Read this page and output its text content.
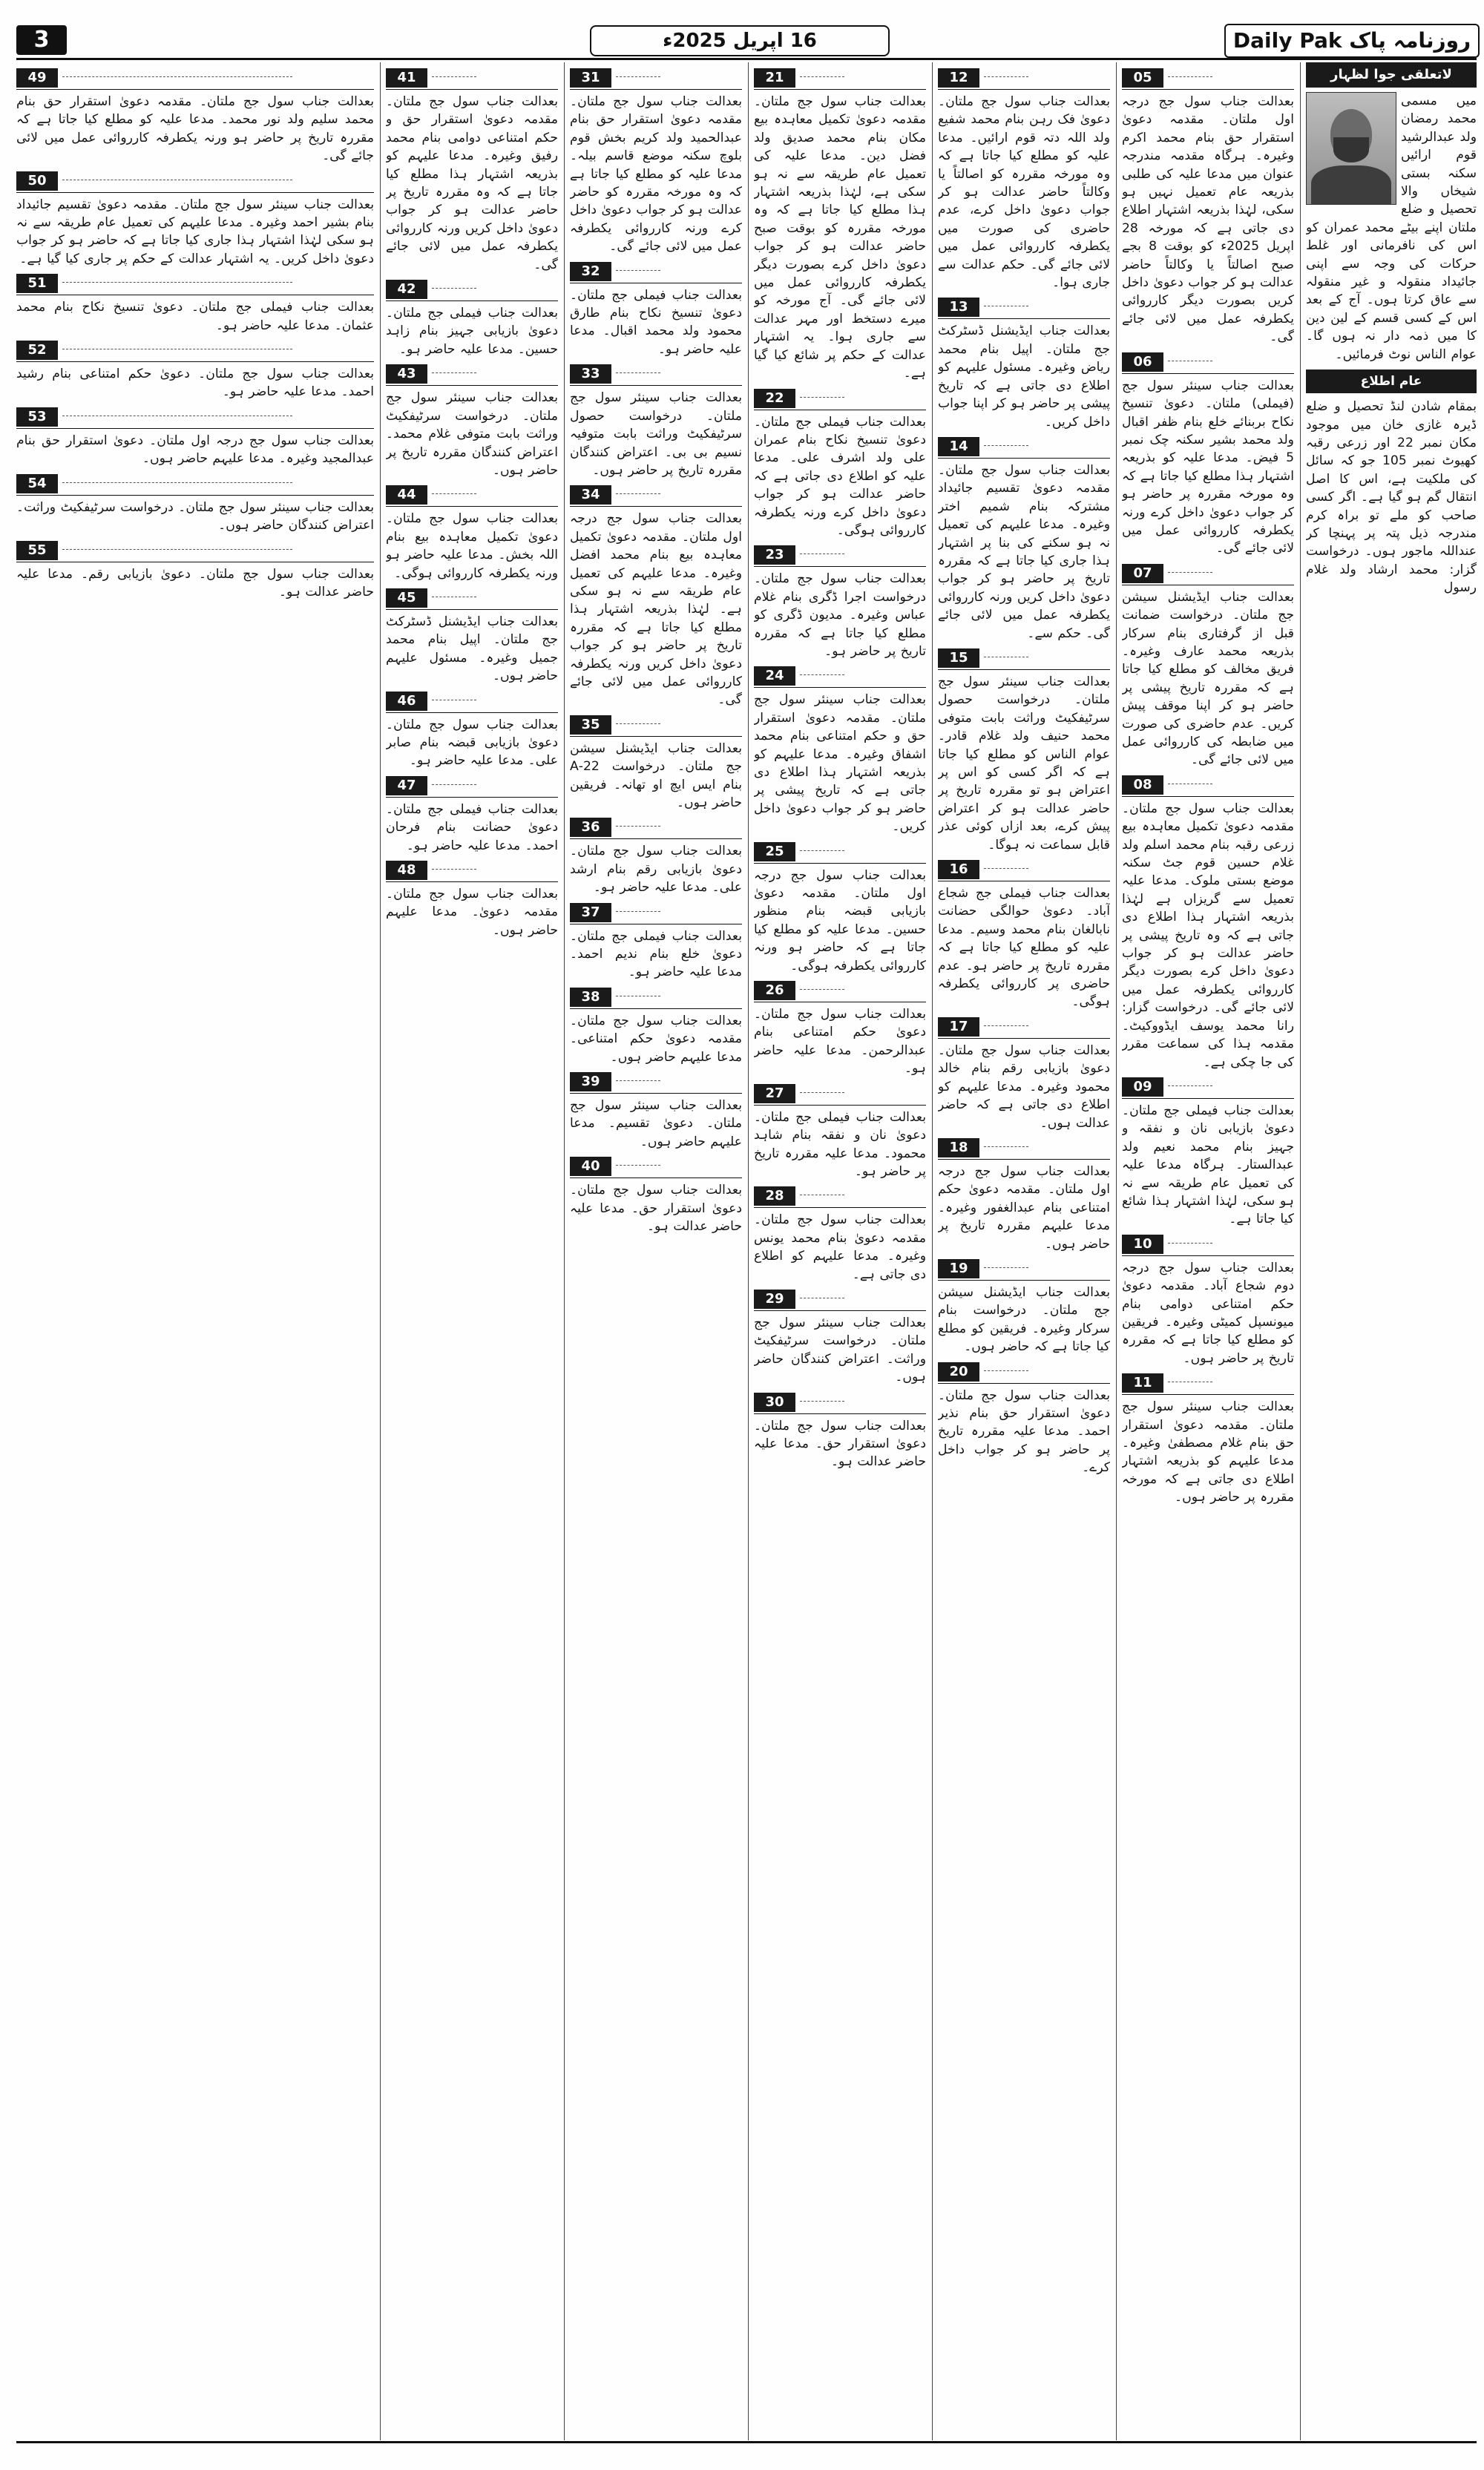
3	16 اپریل 2025ء	روزنامہ پاک Daily Pak
لاتعلقی جوا لظہار
میں مسمی محمد رمضان ولد عبدالرشید قوم ارائیں سکنہ بستی شیخاں والا تحصیل و ضلع ملتان اپنے بیٹے محمد عمران کو اس کی نافرمانی اور غلط حرکات کی وجہ سے اپنی جائیداد منقولہ و غیر منقولہ سے عاق کرتا ہوں۔ آج کے بعد اس کے کسی قسم کے لین دین کا میں ذمہ دار نہ ہوں گا۔ عوام الناس نوٹ فرمائیں۔
عام اطلاع
بمقام شادن لنڈ تحصیل و ضلع ڈیرہ غازی خان میں موجود مکان نمبر 22 اور زرعی رقبہ کھیوٹ نمبر 105 جو کہ سائل کی ملکیت ہے، اس کا اصل انتقال گم ہو گیا ہے۔ اگر کسی صاحب کو ملے تو براہ کرم مندرجہ ذیل پتہ پر پہنچا کر عنداللہ ماجور ہوں۔ درخواست گزار: محمد ارشاد ولد غلام رسول
05
بعدالت جناب سول جج درجہ اول ملتان۔ مقدمہ دعویٰ استقرار حق بنام محمد اکرم وغیرہ۔ ہرگاہ مقدمہ مندرجہ عنوان میں مدعا علیہ کی طلبی بذریعہ عام تعمیل نہیں ہو سکی، لہٰذا بذریعہ اشتہار اطلاع دی جاتی ہے کہ مورخہ 28 اپریل 2025ء کو بوقت 8 بجے صبح اصالتاً یا وکالتاً حاضر عدالت ہو کر جواب دعویٰ داخل کریں بصورت دیگر کارروائی یکطرفہ عمل میں لائی جائے گی۔
06
بعدالت جناب سینئر سول جج (فیملی) ملتان۔ دعویٰ تنسیخ نکاح بربنائے خلع بنام ظفر اقبال ولد محمد بشیر سکنہ چک نمبر 5 فیض۔ مدعا علیہ کو بذریعہ اشتہار ہذا مطلع کیا جاتا ہے کہ وہ مورخہ مقررہ پر حاضر ہو کر جواب دعویٰ داخل کرے ورنہ یکطرفہ کارروائی عمل میں لائی جائے گی۔
07
بعدالت جناب ایڈیشنل سیشن جج ملتان۔ درخواست ضمانت قبل از گرفتاری بنام سرکار بذریعہ محمد عارف وغیرہ۔ فریق مخالف کو مطلع کیا جاتا ہے کہ مقررہ تاریخ پیشی پر حاضر ہو کر اپنا موقف پیش کریں۔ عدم حاضری کی صورت میں ضابطہ کی کارروائی عمل میں لائی جائے گی۔
08
بعدالت جناب سول جج ملتان۔ مقدمہ دعویٰ تکمیل معاہدہ بیع زرعی رقبہ بنام محمد اسلم ولد غلام حسین قوم جٹ سکنہ موضع بستی ملوک۔ مدعا علیہ تعمیل سے گریزاں ہے لہٰذا بذریعہ اشتہار ہذا اطلاع دی جاتی ہے کہ وہ تاریخ پیشی پر حاضر عدالت ہو کر جواب دعویٰ داخل کرے بصورت دیگر کارروائی یکطرفہ عمل میں لائی جائے گی۔ درخواست گزار: رانا محمد یوسف ایڈووکیٹ۔ مقدمہ ہذا کی سماعت مقرر کی جا چکی ہے۔
09
بعدالت جناب فیملی جج ملتان۔ دعویٰ بازیابی نان و نفقہ و جہیز بنام محمد نعیم ولد عبدالستار۔ ہرگاہ مدعا علیہ کی تعمیل عام طریقہ سے نہ ہو سکی، لہٰذا اشتہار ہذا شائع کیا جاتا ہے۔
10
بعدالت جناب سول جج درجہ دوم شجاع آباد۔ مقدمہ دعویٰ حکم امتناعی دوامی بنام میونسپل کمیٹی وغیرہ۔ فریقین کو مطلع کیا جاتا ہے کہ مقررہ تاریخ پر حاضر ہوں۔
11
بعدالت جناب سینئر سول جج ملتان۔ مقدمہ دعویٰ استقرار حق بنام غلام مصطفیٰ وغیرہ۔ مدعا علیہم کو بذریعہ اشتہار اطلاع دی جاتی ہے کہ مورخہ مقررہ پر حاضر ہوں۔
12
بعدالت جناب سول جج ملتان۔ دعویٰ فک رہن بنام محمد شفیع ولد اللہ دتہ قوم ارائیں۔ مدعا علیہ کو مطلع کیا جاتا ہے کہ وہ مورخہ مقررہ کو اصالتاً یا وکالتاً حاضر عدالت ہو کر جواب دعویٰ داخل کرے، عدم حاضری کی صورت میں یکطرفہ کارروائی عمل میں لائی جائے گی۔ حکم عدالت سے جاری ہوا۔
13
بعدالت جناب ایڈیشنل ڈسٹرکٹ جج ملتان۔ اپیل بنام محمد ریاض وغیرہ۔ مسئول علیہم کو اطلاع دی جاتی ہے کہ تاریخ پیشی پر حاضر ہو کر اپنا جواب داخل کریں۔
14
بعدالت جناب سول جج ملتان۔ مقدمہ دعویٰ تقسیم جائیداد مشترکہ بنام شمیم اختر وغیرہ۔ مدعا علیہم کی تعمیل نہ ہو سکنے کی بنا پر اشتہار ہذا جاری کیا جاتا ہے کہ مقررہ تاریخ پر حاضر ہو کر جواب دعویٰ داخل کریں ورنہ کارروائی یکطرفہ عمل میں لائی جائے گی۔ حکم سے۔
15
بعدالت جناب سینئر سول جج ملتان۔ درخواست حصول سرٹیفکیٹ وراثت بابت متوفی محمد حنیف ولد غلام قادر۔ عوام الناس کو مطلع کیا جاتا ہے کہ اگر کسی کو اس پر اعتراض ہو تو مقررہ تاریخ پر حاضر عدالت ہو کر اعتراض پیش کرے، بعد ازاں کوئی عذر قابل سماعت نہ ہوگا۔
16
بعدالت جناب فیملی جج شجاع آباد۔ دعویٰ حوالگی حضانت نابالغان بنام محمد وسیم۔ مدعا علیہ کو مطلع کیا جاتا ہے کہ مقررہ تاریخ پر حاضر ہو۔ عدم حاضری پر کارروائی یکطرفہ ہوگی۔
17
بعدالت جناب سول جج ملتان۔ دعویٰ بازیابی رقم بنام خالد محمود وغیرہ۔ مدعا علیہم کو اطلاع دی جاتی ہے کہ حاضر عدالت ہوں۔
18
بعدالت جناب سول جج درجہ اول ملتان۔ مقدمہ دعویٰ حکم امتناعی بنام عبدالغفور وغیرہ۔ مدعا علیہم مقررہ تاریخ پر حاضر ہوں۔
19
بعدالت جناب ایڈیشنل سیشن جج ملتان۔ درخواست بنام سرکار وغیرہ۔ فریقین کو مطلع کیا جاتا ہے کہ حاضر ہوں۔
20
بعدالت جناب سول جج ملتان۔ دعویٰ استقرار حق بنام نذیر احمد۔ مدعا علیہ مقررہ تاریخ پر حاضر ہو کر جواب داخل کرے۔
21
بعدالت جناب سول جج ملتان۔ مقدمہ دعویٰ تکمیل معاہدہ بیع مکان بنام محمد صدیق ولد فضل دین۔ مدعا علیہ کی تعمیل عام طریقہ سے نہ ہو سکی ہے، لہٰذا بذریعہ اشتہار ہذا مطلع کیا جاتا ہے کہ وہ مورخہ مقررہ کو بوقت صبح حاضر عدالت ہو کر جواب دعویٰ داخل کرے بصورت دیگر یکطرفہ کارروائی عمل میں لائی جائے گی۔ آج مورخہ کو میرے دستخط اور مہر عدالت سے جاری ہوا۔ یہ اشتہار عدالت کے حکم پر شائع کیا گیا ہے۔
22
بعدالت جناب فیملی جج ملتان۔ دعویٰ تنسیخ نکاح بنام عمران علی ولد اشرف علی۔ مدعا علیہ کو اطلاع دی جاتی ہے کہ حاضر عدالت ہو کر جواب دعویٰ داخل کرے ورنہ یکطرفہ کارروائی ہوگی۔
23
بعدالت جناب سول جج ملتان۔ درخواست اجرا ڈگری بنام غلام عباس وغیرہ۔ مدیون ڈگری کو مطلع کیا جاتا ہے کہ مقررہ تاریخ پر حاضر ہو۔
24
بعدالت جناب سینئر سول جج ملتان۔ مقدمہ دعویٰ استقرار حق و حکم امتناعی بنام محمد اشفاق وغیرہ۔ مدعا علیہم کو بذریعہ اشتہار ہذا اطلاع دی جاتی ہے کہ تاریخ پیشی پر حاضر ہو کر جواب دعویٰ داخل کریں۔
25
بعدالت جناب سول جج درجہ اول ملتان۔ مقدمہ دعویٰ بازیابی قبضہ بنام منظور حسین۔ مدعا علیہ کو مطلع کیا جاتا ہے کہ حاضر ہو ورنہ کارروائی یکطرفہ ہوگی۔
26
بعدالت جناب سول جج ملتان۔ دعویٰ حکم امتناعی بنام عبدالرحمن۔ مدعا علیہ حاضر ہو۔
27
بعدالت جناب فیملی جج ملتان۔ دعویٰ نان و نفقہ بنام شاہد محمود۔ مدعا علیہ مقررہ تاریخ پر حاضر ہو۔
28
بعدالت جناب سول جج ملتان۔ مقدمہ دعویٰ بنام محمد یونس وغیرہ۔ مدعا علیہم کو اطلاع دی جاتی ہے۔
29
بعدالت جناب سینئر سول جج ملتان۔ درخواست سرٹیفکیٹ وراثت۔ اعتراض کنندگان حاضر ہوں۔
30
بعدالت جناب سول جج ملتان۔ دعویٰ استقرار حق۔ مدعا علیہ حاضر عدالت ہو۔
31
بعدالت جناب سول جج ملتان۔ مقدمہ دعویٰ استقرار حق بنام عبدالحمید ولد کریم بخش قوم بلوچ سکنہ موضع قاسم بیلہ۔ مدعا علیہ کو مطلع کیا جاتا ہے کہ وہ مورخہ مقررہ کو حاضر عدالت ہو کر جواب دعویٰ داخل کرے ورنہ کارروائی یکطرفہ عمل میں لائی جائے گی۔
32
بعدالت جناب فیملی جج ملتان۔ دعویٰ تنسیخ نکاح بنام طارق محمود ولد محمد اقبال۔ مدعا علیہ حاضر ہو۔
33
بعدالت جناب سینئر سول جج ملتان۔ درخواست حصول سرٹیفکیٹ وراثت بابت متوفیہ نسیم بی بی۔ اعتراض کنندگان مقررہ تاریخ پر حاضر ہوں۔
34
بعدالت جناب سول جج درجہ اول ملتان۔ مقدمہ دعویٰ تکمیل معاہدہ بیع بنام محمد افضل وغیرہ۔ مدعا علیہم کی تعمیل عام طریقہ سے نہ ہو سکی ہے۔ لہٰذا بذریعہ اشتہار ہذا مطلع کیا جاتا ہے کہ مقررہ تاریخ پر حاضر ہو کر جواب دعویٰ داخل کریں ورنہ یکطرفہ کارروائی عمل میں لائی جائے گی۔
35
بعدالت جناب ایڈیشنل سیشن جج ملتان۔ درخواست 22-A بنام ایس ایچ او تھانہ۔ فریقین حاضر ہوں۔
36
بعدالت جناب سول جج ملتان۔ دعویٰ بازیابی رقم بنام ارشد علی۔ مدعا علیہ حاضر ہو۔
37
بعدالت جناب فیملی جج ملتان۔ دعویٰ خلع بنام ندیم احمد۔ مدعا علیہ حاضر ہو۔
38
بعدالت جناب سول جج ملتان۔ مقدمہ دعویٰ حکم امتناعی۔ مدعا علیہم حاضر ہوں۔
39
بعدالت جناب سینئر سول جج ملتان۔ دعویٰ تقسیم۔ مدعا علیہم حاضر ہوں۔
40
بعدالت جناب سول جج ملتان۔ دعویٰ استقرار حق۔ مدعا علیہ حاضر عدالت ہو۔
41
بعدالت جناب سول جج ملتان۔ مقدمہ دعویٰ استقرار حق و حکم امتناعی دوامی بنام محمد رفیق وغیرہ۔ مدعا علیہم کو بذریعہ اشتہار ہذا مطلع کیا جاتا ہے کہ وہ مقررہ تاریخ پر حاضر عدالت ہو کر جواب دعویٰ داخل کریں ورنہ کارروائی یکطرفہ عمل میں لائی جائے گی۔
42
بعدالت جناب فیملی جج ملتان۔ دعویٰ بازیابی جہیز بنام زاہد حسین۔ مدعا علیہ حاضر ہو۔
43
بعدالت جناب سینئر سول جج ملتان۔ درخواست سرٹیفکیٹ وراثت بابت متوفی غلام محمد۔ اعتراض کنندگان مقررہ تاریخ پر حاضر ہوں۔
44
بعدالت جناب سول جج ملتان۔ دعویٰ تکمیل معاہدہ بیع بنام اللہ بخش۔ مدعا علیہ حاضر ہو ورنہ یکطرفہ کارروائی ہوگی۔
45
بعدالت جناب ایڈیشنل ڈسٹرکٹ جج ملتان۔ اپیل بنام محمد جمیل وغیرہ۔ مسئول علیہم حاضر ہوں۔
46
بعدالت جناب سول جج ملتان۔ دعویٰ بازیابی قبضہ بنام صابر علی۔ مدعا علیہ حاضر ہو۔
47
بعدالت جناب فیملی جج ملتان۔ دعویٰ حضانت بنام فرحان احمد۔ مدعا علیہ حاضر ہو۔
48
بعدالت جناب سول جج ملتان۔ مقدمہ دعویٰ۔ مدعا علیہم حاضر ہوں۔
49
بعدالت جناب سول جج ملتان۔ مقدمہ دعویٰ استقرار حق بنام محمد سلیم ولد نور محمد۔ مدعا علیہ کو مطلع کیا جاتا ہے کہ مقررہ تاریخ پر حاضر ہو ورنہ یکطرفہ کارروائی عمل میں لائی جائے گی۔
50
بعدالت جناب سینئر سول جج ملتان۔ مقدمہ دعویٰ تقسیم جائیداد بنام بشیر احمد وغیرہ۔ مدعا علیہم کی تعمیل عام طریقہ سے نہ ہو سکی لہٰذا اشتہار ہذا جاری کیا جاتا ہے کہ حاضر ہو کر جواب دعویٰ داخل کریں۔ یہ اشتہار عدالت کے حکم پر جاری کیا گیا ہے۔
51
بعدالت جناب فیملی جج ملتان۔ دعویٰ تنسیخ نکاح بنام محمد عثمان۔ مدعا علیہ حاضر ہو۔
52
بعدالت جناب سول جج ملتان۔ دعویٰ حکم امتناعی بنام رشید احمد۔ مدعا علیہ حاضر ہو۔
53
بعدالت جناب سول جج درجہ اول ملتان۔ دعویٰ استقرار حق بنام عبدالمجید وغیرہ۔ مدعا علیہم حاضر ہوں۔
54
بعدالت جناب سینئر سول جج ملتان۔ درخواست سرٹیفکیٹ وراثت۔ اعتراض کنندگان حاضر ہوں۔
55
بعدالت جناب سول جج ملتان۔ دعویٰ بازیابی رقم۔ مدعا علیہ حاضر عدالت ہو۔
